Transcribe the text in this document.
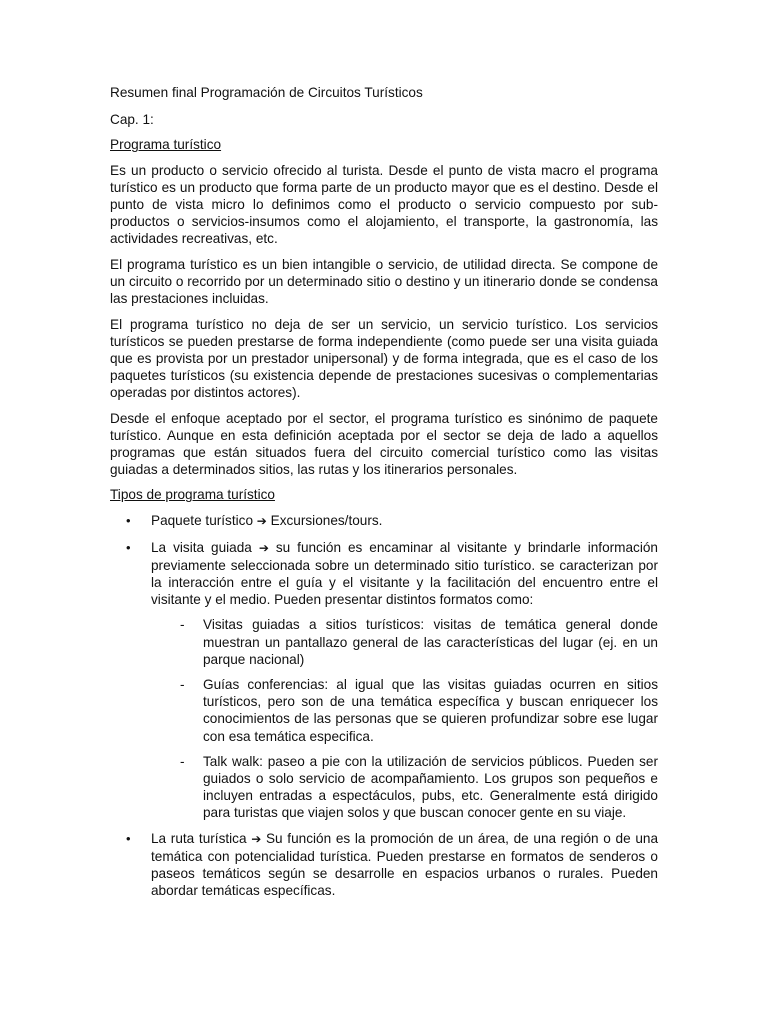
Resumen final Programación de Circuitos Turísticos

Cap. 1:

Programa turístico

Es un producto o servicio ofrecido al turista. Desde el punto de vista macro el programa turístico es un producto que forma parte de un producto mayor que es el destino. Desde el punto de vista micro lo definimos como el producto o servicio compuesto por sub-productos o servicios-insumos como el alojamiento, el transporte, la gastronomía, las actividades recreativas, etc.

El programa turístico es un bien intangible o servicio, de utilidad directa. Se compone de un circuito o recorrido por un determinado sitio o destino y un itinerario donde se condensa las prestaciones incluidas.

El programa turístico no deja de ser un servicio, un servicio turístico. Los servicios turísticos se pueden prestarse de forma independiente (como puede ser una visita guiada que es provista por un prestador unipersonal) y de forma integrada, que es el caso de los paquetes turísticos (su existencia depende de prestaciones sucesivas o complementarias operadas por distintos actores).

Desde el enfoque aceptado por el sector, el programa turístico es sinónimo de paquete turístico. Aunque en esta definición aceptada por el sector se deja de lado a aquellos programas que están situados fuera del circuito comercial turístico como las visitas guiadas a determinados sitios, las rutas y los itinerarios personales.

Tipos de programa turístico

• Paquete turístico ➔ Excursiones/tours.
• La visita guiada ➔ su función es encaminar al visitante y brindarle información previamente seleccionada sobre un determinado sitio turístico. se caracterizan por la interacción entre el guía y el visitante y la facilitación del encuentro entre el visitante y el medio. Pueden presentar distintos formatos como:
- Visitas guiadas a sitios turísticos: visitas de temática general donde muestran un pantallazo general de las características del lugar (ej. en un parque nacional)
- Guías conferencias: al igual que las visitas guiadas ocurren en sitios turísticos, pero son de una temática específica y buscan enriquecer los conocimientos de las personas que se quieren profundizar sobre ese lugar con esa temática especifica.
- Talk walk: paseo a pie con la utilización de servicios públicos. Pueden ser guiados o solo servicio de acompañamiento. Los grupos son pequeños e incluyen entradas a espectáculos, pubs, etc. Generalmente está dirigido para turistas que viajen solos y que buscan conocer gente en su viaje.
• La ruta turística ➔ Su función es la promoción de un área, de una región o de una temática con potencialidad turística. Pueden prestarse en formatos de senderos o paseos temáticos según se desarrolle en espacios urbanos o rurales. Pueden abordar temáticas específicas.
